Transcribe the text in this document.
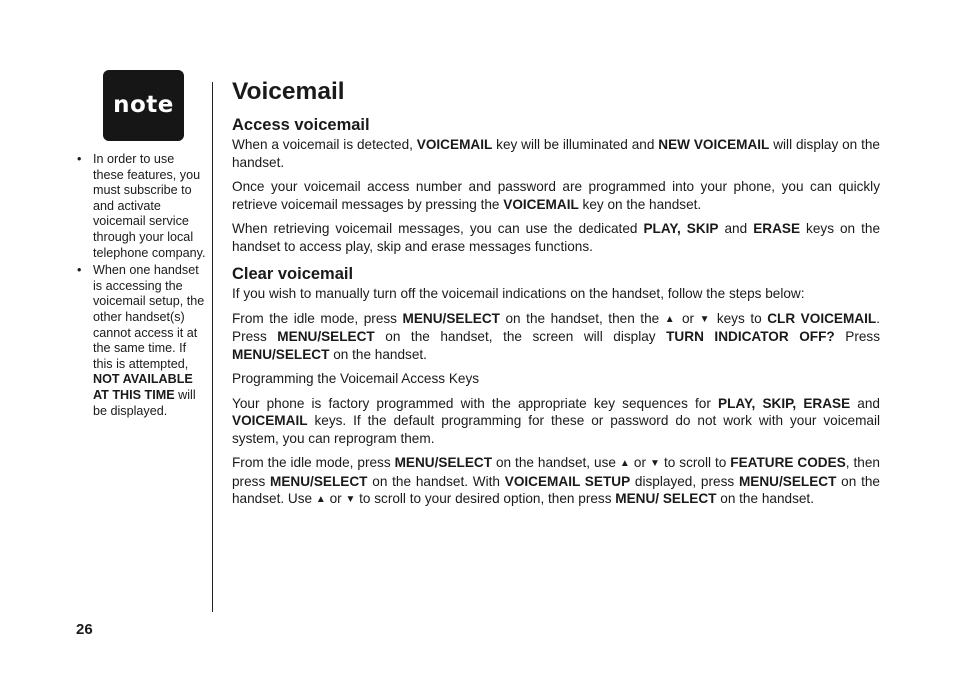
note
• In order to use these features, you must subscribe to and activate voicemail service through your local telephone company.
• When one handset is accessing the voicemail setup, the other handset(s) cannot access it at the same time. If this is attempted, NOT AVAILABLE AT THIS TIME will be displayed.
Voicemail
Access voicemail

When a voicemail is detected, VOICEMAIL key will be illuminated and NEW VOICEMAIL will display on the handset.

Once your voicemail access number and password are programmed into your phone, you can quickly retrieve voicemail messages by pressing the VOICEMAIL key on the handset.

When retrieving voicemail messages, you can use the dedicated PLAY, SKIP and ERASE keys on the handset to access play, skip and erase messages functions.

Clear voicemail

If you wish to manually turn off the voicemail indications on the handset, follow the steps below:

From the idle mode, press MENU/SELECT on the handset, then the ▲ or ▼ keys to CLR VOICEMAIL. Press MENU/SELECT on the handset, the screen will display TURN INDICATOR OFF? Press MENU/SELECT on the handset.

Programming the Voicemail Access Keys

Your phone is factory programmed with the appropriate key sequences for PLAY, SKIP, ERASE and VOICEMAIL keys. If the default programming for these or password do not work with your voicemail system, you can reprogram them.

From the idle mode, press MENU/SELECT on the handset, use ▲ or ▼ to scroll to FEATURE CODES, then press MENU/SELECT on the handset. With VOICEMAIL SETUP displayed, press MENU/SELECT on the handset. Use ▲ or ▼ to scroll to your desired option, then press MENU/ SELECT on the handset.

26
